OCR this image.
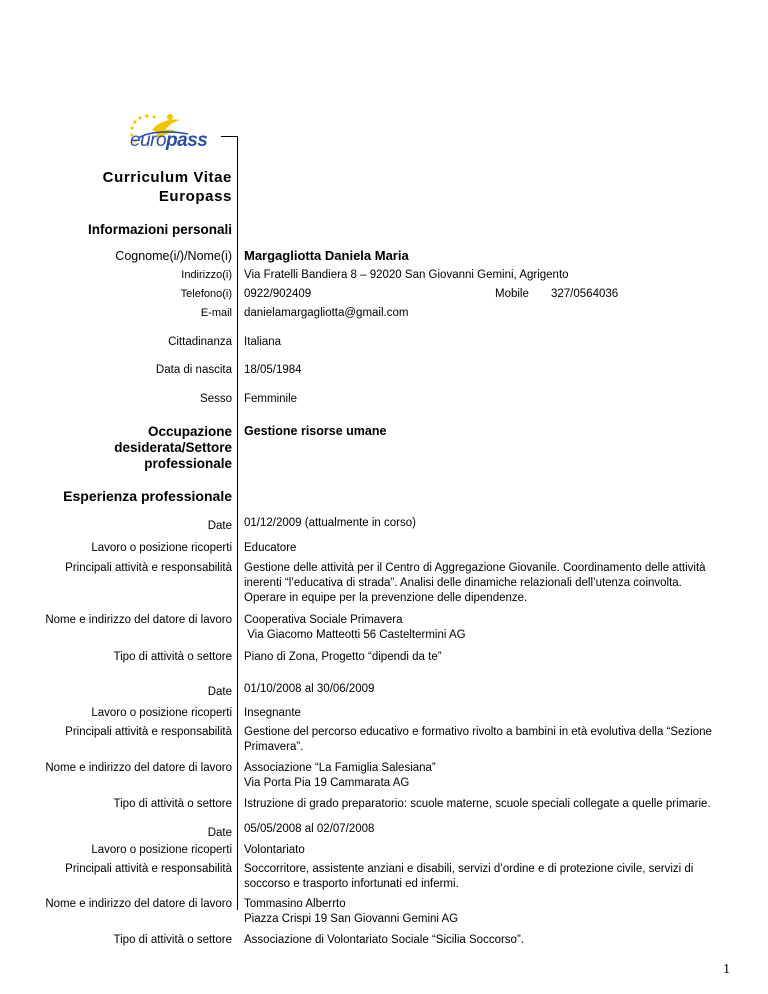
europass
Curriculum Vitae
Europass
Informazioni personali
Cognome(i/)/Nome(i) Margagliotta Daniela Maria
Indirizzo(i) Via Fratelli Bandiera 8 – 92020 San Giovanni Gemini, Agrigento
Telefono(i) 0922/902409	Mobile 327/0564036
E-mail danielamargagliotta@gmail.com
Cittadinanza Italiana
Data di nascita 18/05/1984
Sesso Femminile
Occupazione
desiderata/Settore
professionale
Gestione risorse umane
Esperienza professionale
Date 01/12/2009 (attualmente in corso)
Lavoro o posizione ricoperti Educatore
Principali attività e responsabilità Gestione delle attività per il Centro di Aggregazione Giovanile. Coordinamento delle attività inerenti “l’educativa di strada”. Analisi delle dinamiche relazionali dell’utenza coinvolta. Operare in equipe per la prevenzione delle dipendenze.
Nome e indirizzo del datore di lavoro Cooperativa Sociale Primavera
Via Giacomo Matteotti 56 Casteltermini AG
Tipo di attività o settore Piano di Zona, Progetto “dipendi da te”
Date 01/10/2008 al 30/06/2009
Lavoro o posizione ricoperti Insegnante
Principali attività e responsabilità Gestione del percorso educativo e formativo rivolto a bambini in età evolutiva della “Sezione Primavera”.
Nome e indirizzo del datore di lavoro Associazione “La Famiglia Salesiana”
Via Porta Pia 19 Cammarata AG
Tipo di attività o settore Istruzione di grado preparatorio: scuole materne, scuole speciali collegate a quelle primarie.
Date 05/05/2008 al 02/07/2008
Lavoro o posizione ricoperti Volontariato
Principali attività e responsabilità Soccorritore, assistente anziani e disabili, servizi d’ordine e di protezione civile, servizi di soccorso e trasporto infortunati ed infermi.
Nome e indirizzo del datore di lavoro Tommasino Alberrto
Piazza Crispi 19 San Giovanni Gemini AG
Tipo di attività o settore Associazione di Volontariato Sociale “Sicilia Soccorso”.
1
